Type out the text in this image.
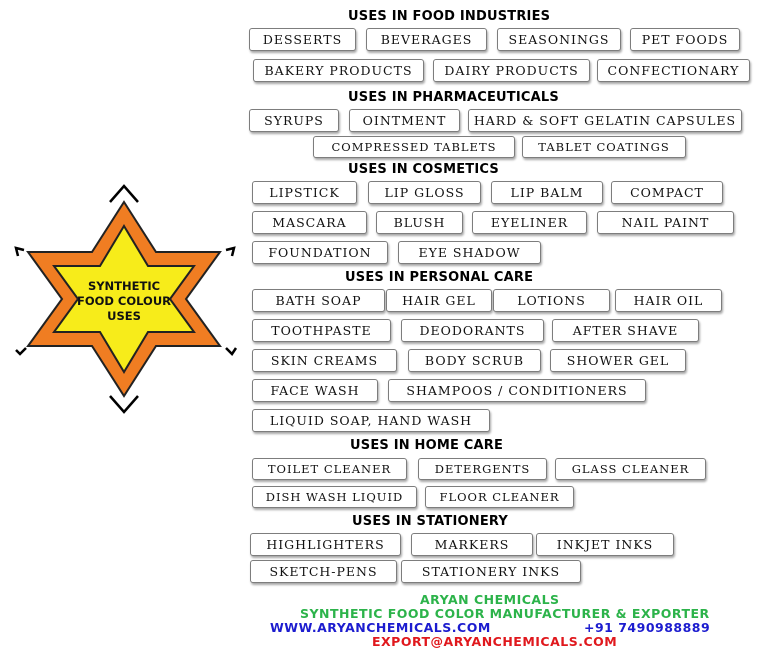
SYNTHETIC
FOOD COLOUR
USES
USES IN FOOD INDUSTRIES
DESSERTS	BEVERAGES	SEASONINGS	PET FOODS
BAKERY PRODUCTS	DAIRY PRODUCTS	CONFECTIONARY
USES IN PHARMACEUTICALS
SYRUPS	OINTMENT	HARD & SOFT GELATIN CAPSULES
COMPRESSED TABLETS	TABLET COATINGS
USES IN COSMETICS
LIPSTICK	LIP GLOSS	LIP BALM	COMPACT
MASCARA	BLUSH	EYELINER	NAIL PAINT
FOUNDATION	EYE SHADOW
USES IN PERSONAL CARE
BATH SOAP	HAIR GEL	LOTIONS	HAIR OIL
TOOTHPASTE	DEODORANTS	AFTER SHAVE
SKIN CREAMS	BODY SCRUB	SHOWER GEL
FACE WASH	SHAMPOOS / CONDITIONERS
LIQUID SOAP, HAND WASH
USES IN HOME CARE
TOILET CLEANER	DETERGENTS	GLASS CLEANER
DISH WASH LIQUID	FLOOR CLEANER
USES IN STATIONERY
HIGHLIGHTERS	MARKERS	INKJET INKS
SKETCH-PENS	STATIONERY INKS
ARYAN CHEMICALS
SYNTHETIC FOOD COLOR MANUFACTURER & EXPORTER
WWW.ARYANCHEMICALS.COM	+91 7490988889
EXPORT@ARYANCHEMICALS.COM
